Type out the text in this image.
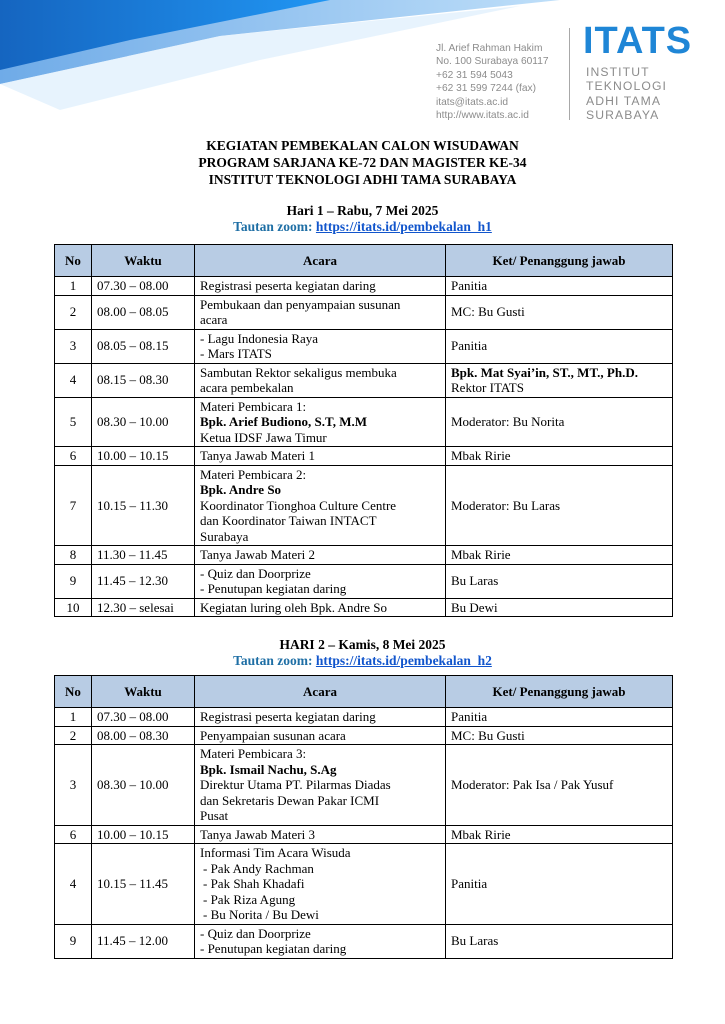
Jl. Arief Rahman Hakim
No. 100 Surabaya 60117
+62 31 594 5043
+62 31 599 7244 (fax)
itats@itats.ac.id
http://www.itats.ac.id
ITATS
INSTITUT
TEKNOLOGI
ADHI TAMA
SURABAYA
KEGIATAN PEMBEKALAN CALON WISUDAWAN
PROGRAM SARJANA KE-72 DAN MAGISTER KE-34
INSTITUT TEKNOLOGI ADHI TAMA SURABAYA
Hari 1 – Rabu, 7 Mei 2025
Tautan zoom: https://itats.id/pembekalan_h1
No	Waktu	Acara	Ket/ Penanggung jawab
1	07.30 – 08.00	Registrasi peserta kegiatan daring	Panitia

2	08.00 – 08.05	Pembukaan dan penyampaian susunan
acara	MC: Bu Gusti

3	08.05 – 08.15	- Lagu Indonesia Raya
- Mars ITATS	Panitia

4	08.15 – 08.30	Sambutan Rektor sekaligus membuka
acara pembekalan	Bpk. Mat Syai’in, ST., MT., Ph.D.
Rektor ITATS

5	08.30 – 10.00	Materi Pembicara 1:
Bpk. Arief Budiono, S.T, M.M
Ketua IDSF Jawa Timur	Moderator: Bu Norita

6	10.00 – 10.15	Tanya Jawab Materi 1	Mbak Ririe

7	10.15 – 11.30	Materi Pembicara 2:
Bpk. Andre So
Koordinator Tionghoa Culture Centre
dan Koordinator Taiwan INTACT
Surabaya	Moderator: Bu Laras

8	11.30 – 11.45	Tanya Jawab Materi 2	Mbak Ririe

9	11.45 – 12.30	- Quiz dan Doorprize
- Penutupan kegiatan daring	Bu Laras

10	12.30 – selesai	Kegiatan luring oleh Bpk. Andre So	Bu Dewi
HARI 2 – Kamis, 8 Mei 2025
Tautan zoom: https://itats.id/pembekalan_h2
No	Waktu	Acara	Ket/ Penanggung jawab
1	07.30 – 08.00	Registrasi peserta kegiatan daring	Panitia

2	08.00 – 08.30	Penyampaian susunan acara	MC: Bu Gusti

3	08.30 – 10.00	Materi Pembicara 3:
Bpk. Ismail Nachu, S.Ag
Direktur Utama PT. Pilarmas Diadas
dan Sekretaris Dewan Pakar ICMI
Pusat	Moderator: Pak Isa / Pak Yusuf

6	10.00 – 10.15	Tanya Jawab Materi 3	Mbak Ririe

4	10.15 – 11.45	Informasi Tim Acara Wisuda
- Pak Andy Rachman
- Pak Shah Khadafi
- Pak Riza Agung
- Bu Norita / Bu Dewi	Panitia

9	11.45 – 12.00	- Quiz dan Doorprize
- Penutupan kegiatan daring	Bu Laras
